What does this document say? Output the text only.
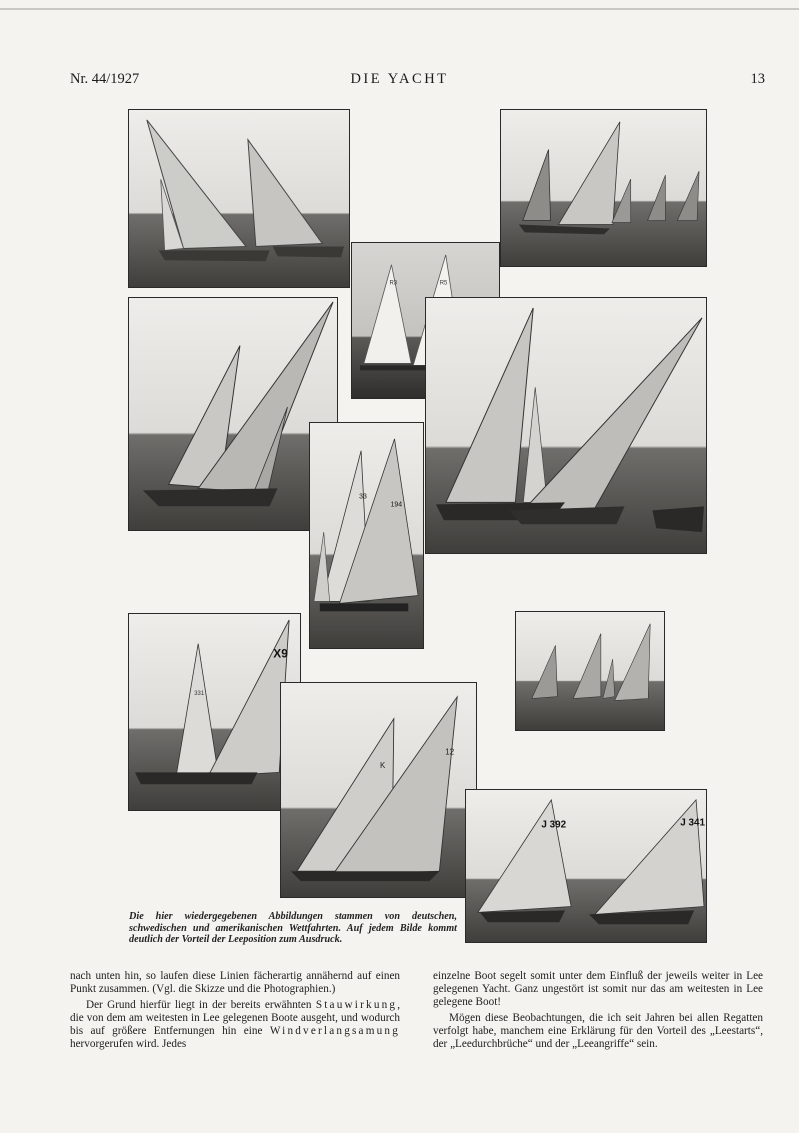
Nr. 44/1927	DIE YACHT	13
R3	R5
33
194
X9
331
K
12
J 392	J 341
Die hier wiedergegebenen Abbildungen stammen von deutschen, schwedischen und amerikanischen Wettfahrten. Auf jedem Bilde kommt deutlich der Vorteil der Leeposition zum Ausdruck.

nach unten hin, so laufen diese Linien fächerartig annähernd auf einen Punkt zusammen. (Vgl. die Skizze und die Photographien.)

Der Grund hierfür liegt in der bereits erwähnten Stauwirkung, die von dem am weitesten in Lee gelegenen Boote ausgeht, und wodurch bis auf größere Entfernungen hin eine Windverlangsamung hervorgerufen wird. Jedes

einzelne Boot segelt somit unter dem Einfluß der jeweils weiter in Lee gelegenen Yacht. Ganz ungestört ist somit nur das am weitesten in Lee gelegene Boot!

Mögen diese Beobachtungen, die ich seit Jahren bei allen Regatten verfolgt habe, manchem eine Erklärung für den Vorteil des „Leestarts“, der „Leedurchbrüche“ und der „Leeangriffe“ sein.
